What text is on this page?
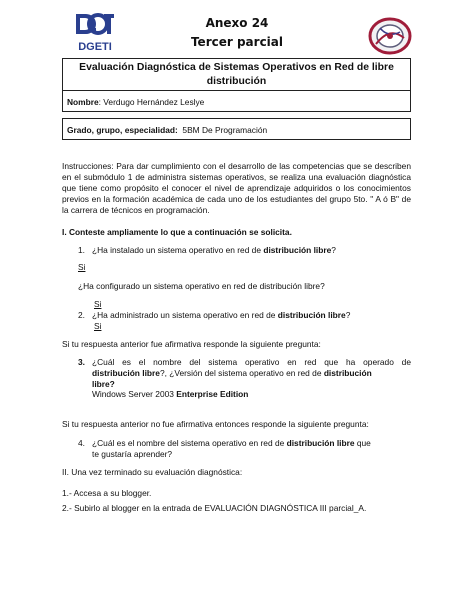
DGETI
Anexo 24
Tercer parcial
Evaluación Diagnóstica de Sistemas Operativos en Red de libre distribución
Nombre: Verdugo Hernández Leslye
Grado, grupo, especialidad: 5BM De Programación
Instrucciones: Para dar cumplimiento con el desarrollo de las competencias que se describen en el submódulo 1 de administra sistemas operativos, se realiza una evaluación diagnóstica que tiene como propósito el conocer el nivel de aprendizaje adquiridos o los conocimientos previos en la formación académica de cada uno de los estudiantes del grupo 5to. " A ó B" de la carrera de técnicos en programación.
I. Conteste ampliamente lo que a continuación se solicita.
1. ¿Ha instalado un sistema operativo en red de distribución libre?
Si
¿Ha configurado un sistema operativo en red de distribución libre?
Si
2. ¿Ha administrado un sistema operativo en red de distribución libre?
Si
Si tu respuesta anterior fue afirmativa responde la siguiente pregunta:
3. ¿Cuál es el nombre del sistema operativo en red que ha operado de
distribución libre?, ¿Versión del sistema operativo en red de distribución
libre?
Windows Server 2003 Enterprise Edition
Si tu respuesta anterior no fue afirmativa entonces responde la siguiente pregunta:
4. ¿Cuál es el nombre del sistema operativo en red de distribución libre que
te gustaría aprender?
II. Una vez terminado su evaluación diagnóstica:
1.- Accesa a su blogger.
2.- Subirlo al blogger en la entrada de EVALUACIÓN DIAGNÓSTICA III parcial_A.
